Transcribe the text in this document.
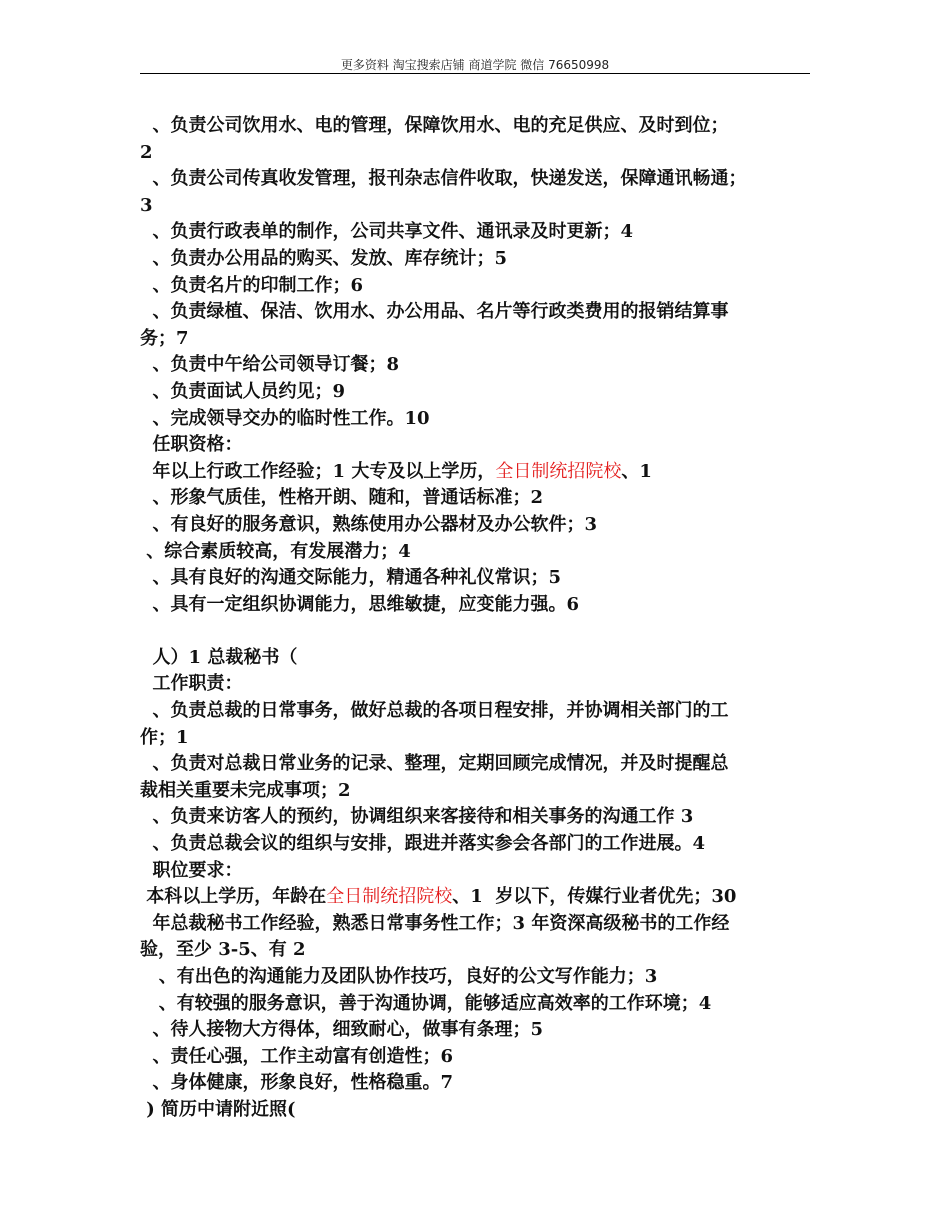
更多资料 淘宝搜索店铺 商道学院 微信 76650998
、负责公司饮用水、电的管理，保障饮用水、电的充足供应、及时到位；
2
、负责公司传真收发管理，报刊杂志信件收取，快递发送，保障通讯畅通；
3
、负责行政表单的制作，公司共享文件、通讯录及时更新；4
、负责办公用品的购买、发放、库存统计；5
、负责名片的印制工作；6
、负责绿植、保洁、饮用水、办公用品、名片等行政类费用的报销结算事
务；7
、负责中午给公司领导订餐；8
、负责面试人员约见；9
、完成领导交办的临时性工作。10
任职资格：
年以上行政工作经验；1 大专及以上学历，全日制统招院校、1
、形象气质佳，性格开朗、随和，普通话标准；2
、有良好的服务意识，熟练使用办公器材及办公软件；3
、综合素质较高，有发展潜力；4
、具有良好的沟通交际能力，精通各种礼仪常识；5
、具有一定组织协调能力，思维敏捷，应变能力强。6
人）1 总裁秘书（
工作职责：
、负责总裁的日常事务，做好总裁的各项日程安排，并协调相关部门的工
作；1
、负责对总裁日常业务的记录、整理，定期回顾完成情况，并及时提醒总
裁相关重要未完成事项；2
、负责来访客人的预约，协调组织来客接待和相关事务的沟通工作 3
、负责总裁会议的组织与安排，跟进并落实参会各部门的工作进展。4
职位要求：
本科以上学历，年龄在全日制统招院校、1  岁以下，传媒行业者优先；30
年总裁秘书工作经验，熟悉日常事务性工作；3 年资深高级秘书的工作经
验，至少 3-5、有 2
、有出色的沟通能力及团队协作技巧，良好的公文写作能力；3
、有较强的服务意识，善于沟通协调，能够适应高效率的工作环境；4
、待人接物大方得体，细致耐心，做事有条理；5
、责任心强，工作主动富有创造性；6
、身体健康，形象良好，性格稳重。7
) 简历中请附近照(
